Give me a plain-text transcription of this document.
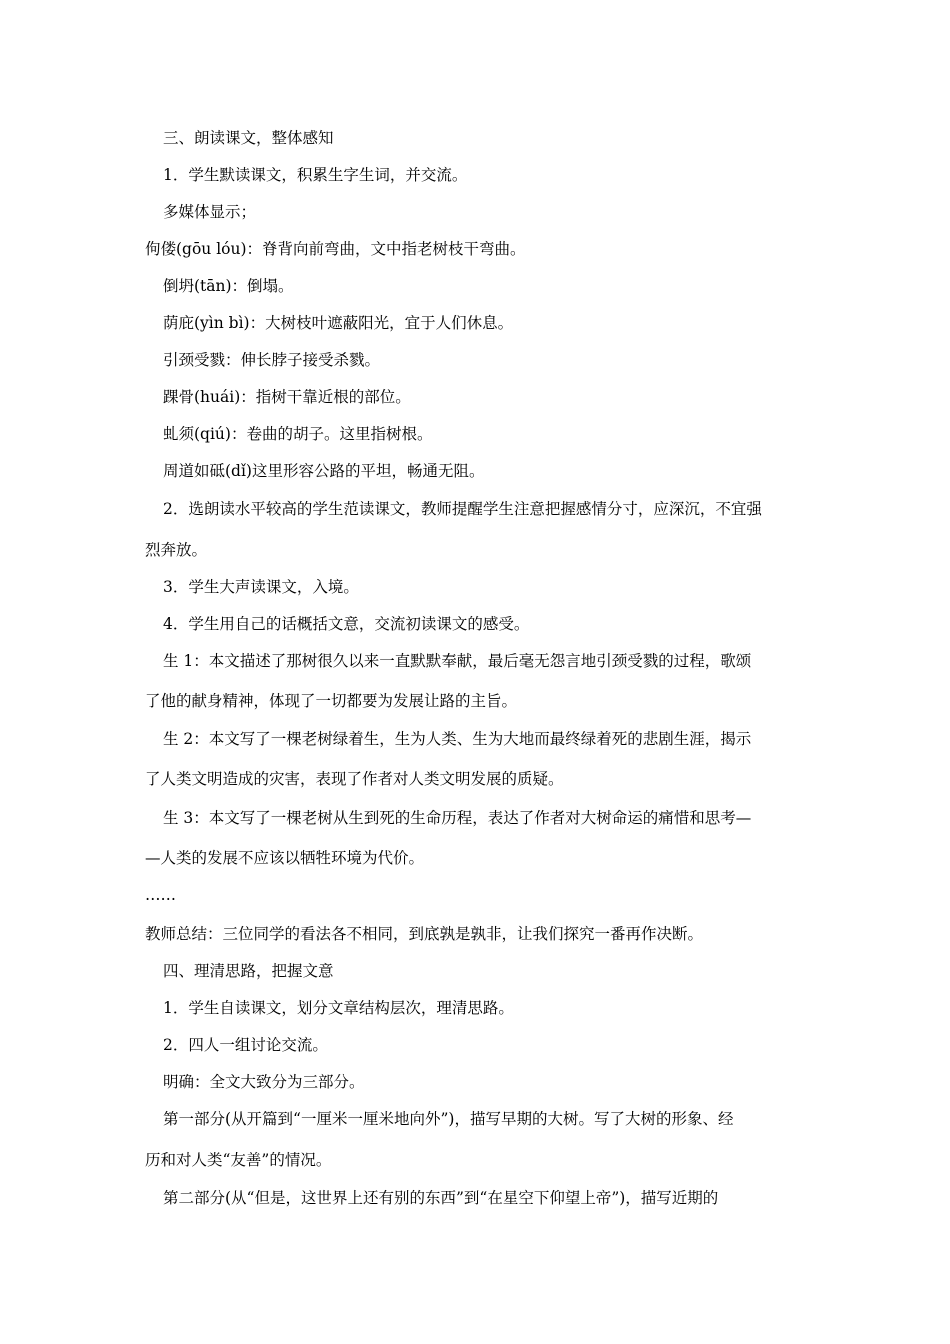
三、朗读课文，整体感知
1．学生默读课文，积累生字生词，并交流。
多媒体显示；
佝偻(gōu lóu)：脊背向前弯曲，文中指老树枝干弯曲。
倒坍(tān)：倒塌。
荫庇(yìn bì)：大树枝叶遮蔽阳光，宜于人们休息。
引颈受戮：伸长脖子接受杀戮。
踝骨(huái)：指树干靠近根的部位。
虬须(qiú)：卷曲的胡子。这里指树根。
周道如砥(dǐ)这里形容公路的平坦，畅通无阻。
2．选朗读水平较高的学生范读课文，教师提醒学生注意把握感情分寸，应深沉，不宜强
烈奔放。
3．学生大声读课文，入境。
4．学生用自己的话概括文意，交流初读课文的感受。
生 1：本文描述了那树很久以来一直默默奉献，最后毫无怨言地引颈受戮的过程，歌颂
了他的献身精神，体现了一切都要为发展让路的主旨。
生 2：本文写了一棵老树绿着生，生为人类、生为大地而最终绿着死的悲剧生涯，揭示
了人类文明造成的灾害，表现了作者对人类文明发展的质疑。
生 3：本文写了一棵老树从生到死的生命历程，表达了作者对大树命运的痛惜和思考—
—人类的发展不应该以牺牲环境为代价。
……
教师总结：三位同学的看法各不相同，到底孰是孰非，让我们探究一番再作决断。
四、理清思路，把握文意
1．学生自读课文，划分文章结构层次，理清思路。
2．四人一组讨论交流。
明确：全文大致分为三部分。
第一部分(从开篇到“一厘米一厘米地向外”)，描写早期的大树。写了大树的形象、经
历和对人类“友善”的情况。
第二部分(从“但是，这世界上还有别的东西”到“在星空下仰望上帝”)，描写近期的
